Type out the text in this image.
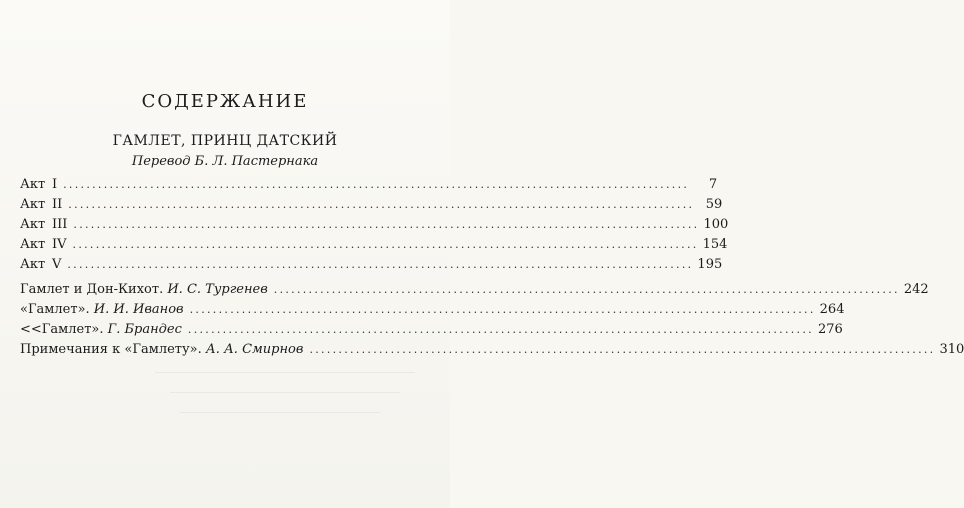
СОДЕРЖАНИЕ
ГАМЛЕТ, ПРИНЦ ДАТСКИЙ
Перевод Б. Л. Пастернака
Акт I ............................................................................................................	7
Акт II ............................................................................................................ 59
Акт III ............................................................................................................ 100
Акт IV ............................................................................................................ 154
Акт V ............................................................................................................ 195
Гамлет и Дон-Кихот. И. С. Тургенев ............................................................................................................ 242
«Гамлет». И. И. Иванов ............................................................................................................ 264
<<Гамлет». Г. Брандес ............................................................................................................ 276
Примечания к «Гамлету». А. А. Смирнов ............................................................................................................ 310
